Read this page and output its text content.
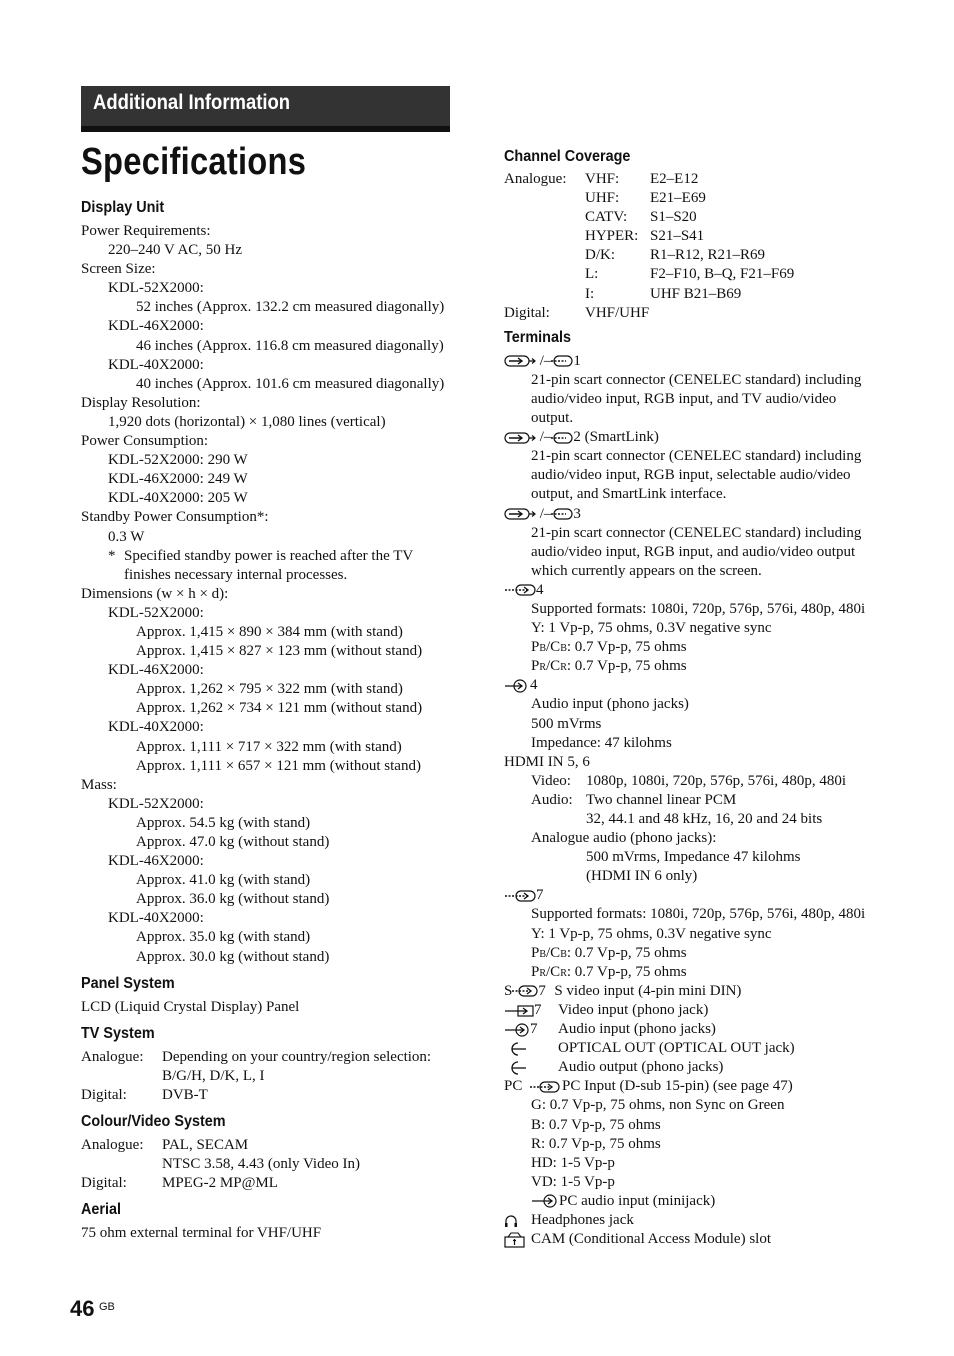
Additional Information
Specifications
Display Unit
Power Requirements:
220–240 V AC, 50 Hz
Screen Size:
KDL-52X2000:
52 inches (Approx. 132.2 cm measured diagonally)
KDL-46X2000:
46 inches (Approx. 116.8 cm measured diagonally)
KDL-40X2000:
40 inches (Approx. 101.6 cm measured diagonally)
Display Resolution:
1,920 dots (horizontal) × 1,080 lines (vertical)
Power Consumption:
KDL-52X2000: 290 W
KDL-46X2000: 249 W
KDL-40X2000: 205 W
Standby Power Consumption*:
0.3 W
* Specified standby power is reached after the TV
finishes necessary internal processes.
Dimensions (w × h × d):
KDL-52X2000:
Approx. 1,415 × 890 × 384 mm (with stand)
Approx. 1,415 × 827 × 123 mm (without stand)
KDL-46X2000:
Approx. 1,262 × 795 × 322 mm (with stand)
Approx. 1,262 × 734 × 121 mm (without stand)
KDL-40X2000:
Approx. 1,111 × 717 × 322 mm (with stand)
Approx. 1,111 × 657 × 121 mm (without stand)
Mass:
KDL-52X2000:
Approx. 54.5 kg (with stand)
Approx. 47.0 kg (without stand)
KDL-46X2000:
Approx. 41.0 kg (with stand)
Approx. 36.0 kg (without stand)
KDL-40X2000:
Approx. 35.0 kg (with stand)
Approx. 30.0 kg (without stand)
Panel System
LCD (Liquid Crystal Display) Panel
TV System
Analogue: Depending on your country/region selection:
B/G/H, D/K, L, I
Digital: DVB-T
Colour/Video System
Analogue: PAL, SECAM
NTSC 3.58, 4.43 (only Video In)
Digital: MPEG-2 MP@ML
Aerial
75 ohm external terminal for VHF/UHF
Channel Coverage
Analogue: VHF: E2–E12
UHF: E21–E69
CATV: S1–S20
HYPER: S21–S41
D/K: R1–R12, R21–R69
L:	F2–F10, B–Q, F21–F69
I:	UHF B21–B69
Digital: VHF/UHF
Terminals
/– 1
21-pin scart connector (CENELEC standard) including
audio/video input, RGB input, and TV audio/video
output.
/– 2 (SmartLink)
21-pin scart connector (CENELEC standard) including
audio/video input, RGB input, selectable audio/video
output, and SmartLink interface.
/– 3
21-pin scart connector (CENELEC standard) including
audio/video input, RGB input, and audio/video output
which currently appears on the screen.
4
Supported formats: 1080i, 720p, 576p, 576i, 480p, 480i
Y: 1 Vp-p, 75 ohms, 0.3V negative sync
PB/CB: 0.7 Vp-p, 75 ohms
PR/CR: 0.7 Vp-p, 75 ohms
4
Audio input (phono jacks)
500 mVrms
Impedance: 47 kilohms
HDMI IN 5, 6
Video: 1080p, 1080i, 720p, 576p, 576i, 480p, 480i
Audio: Two channel linear PCM
32, 44.1 and 48 kHz, 16, 20 and 24 bits
Analogue audio (phono jacks):
500 mVrms, Impedance 47 kilohms
(HDMI IN 6 only)
7
Supported formats: 1080i, 720p, 576p, 576i, 480p, 480i
Y: 1 Vp-p, 75 ohms, 0.3V negative sync
PB/CB: 0.7 Vp-p, 75 ohms
PR/CR: 0.7 Vp-p, 75 ohms
S 7 S video input (4-pin mini DIN)
7 Video input (phono jack)
7 Audio input (phono jacks)
OPTICAL OUT (OPTICAL OUT jack)
Audio output (phono jacks)
PC	PC Input (D-sub 15-pin) (see page 47)
G: 0.7 Vp-p, 75 ohms, non Sync on Green
B: 0.7 Vp-p, 75 ohms
R: 0.7 Vp-p, 75 ohms
HD: 1-5 Vp-p
VD: 1-5 Vp-p
PC audio input (minijack)
Headphones jack
CAM (Conditional Access Module) slot
46 GB
